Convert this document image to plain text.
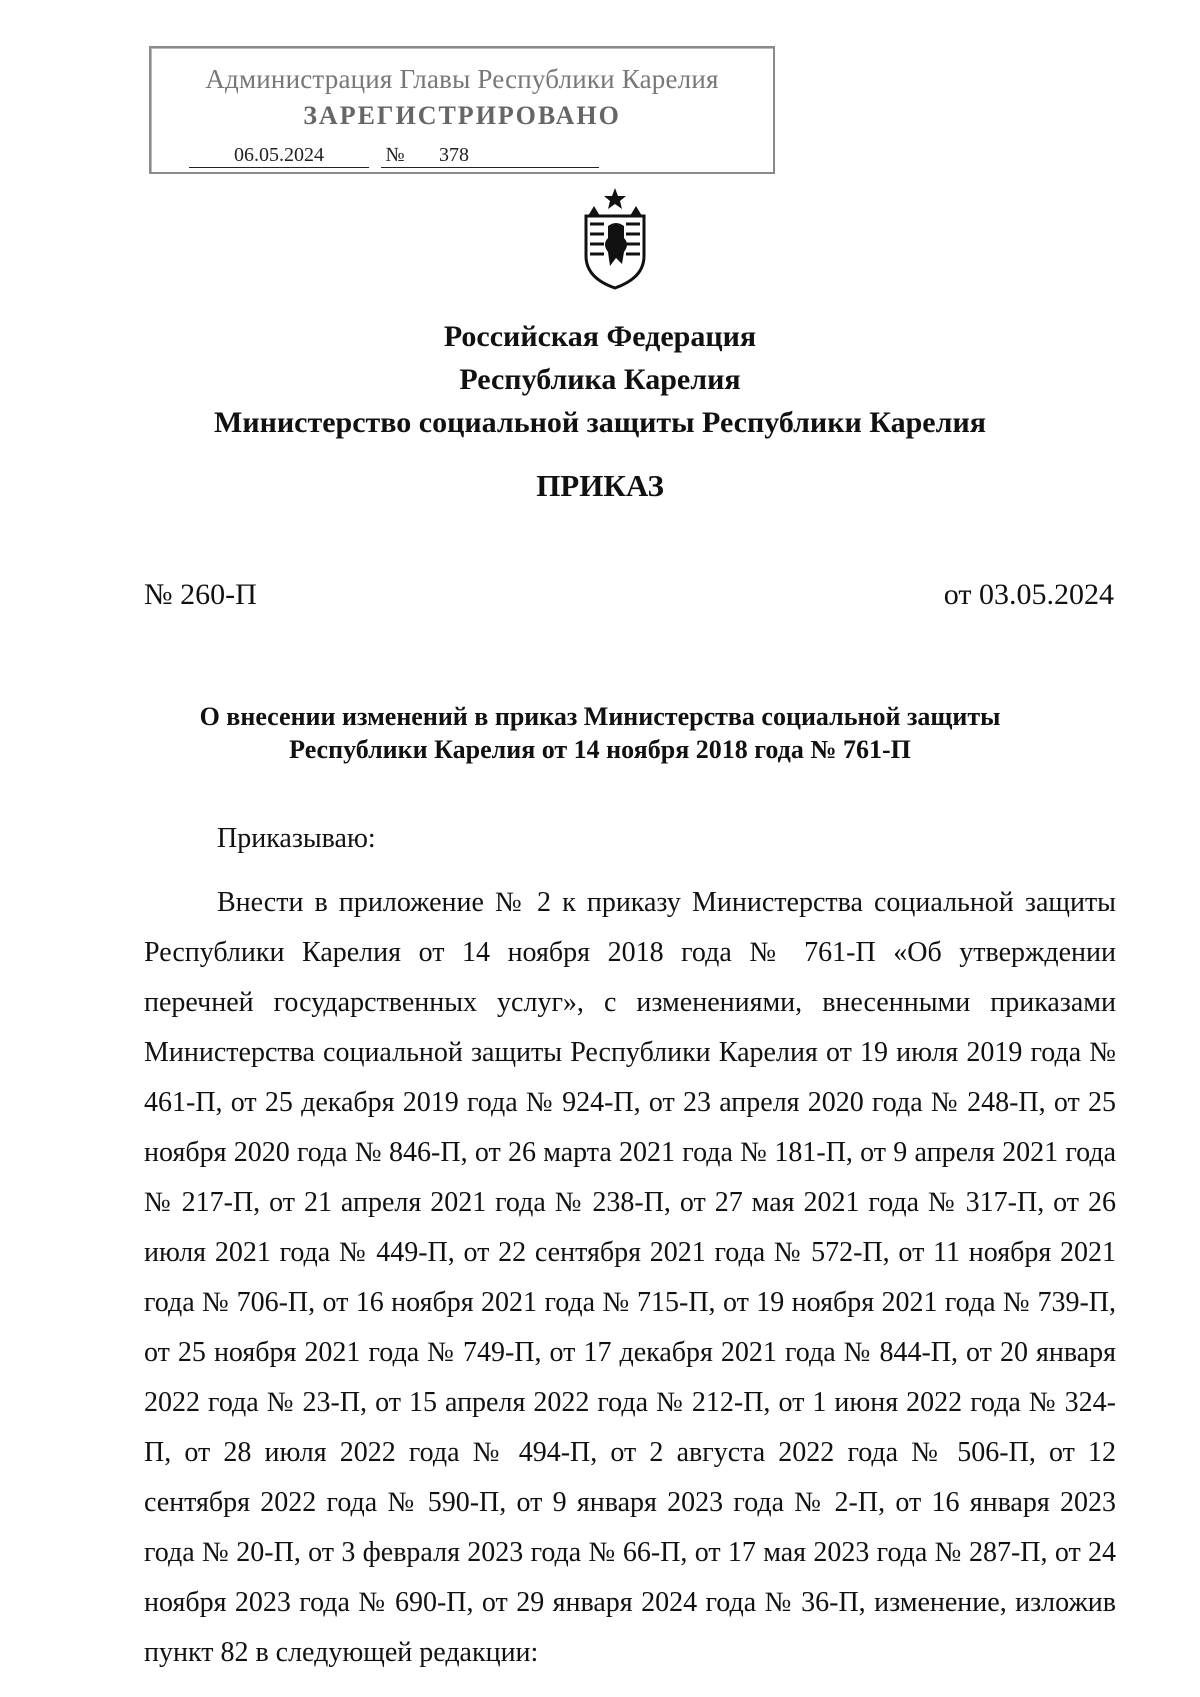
Администрация Главы Республики Карелия
ЗАРЕГИСТРИРОВАНО
06.05.2024	№	378
Российская Федерация
Республика Карелия
Министерство социальной защиты Республики Карелия
ПРИКАЗ
№ 260-П	от 03.05.2024
О внесении изменений в приказ Министерства социальной защиты
Республики Карелия от 14 ноября 2018 года № 761-П
Приказываю:

Внести в приложение № 2 к приказу Министерства социальной защиты Республики Карелия от 14 ноября 2018 года № 761-П «Об утверждении перечней государственных услуг», с изменениями, внесенными приказами Министерства социальной защиты Республики Карелия от 19 июля 2019 года № 461-П, от 25 декабря 2019 года № 924-П, от 23 апреля 2020 года № 248-П, от 25 ноября 2020 года № 846-П, от 26 марта 2021 года № 181-П, от 9 апреля 2021 года № 217-П, от 21 апреля 2021 года № 238-П, от 27 мая 2021 года № 317-П, от 26 июля 2021 года № 449-П, от 22 сентября 2021 года № 572-П, от 11 ноября 2021 года № 706-П, от 16 ноября 2021 года № 715-П, от 19 ноября 2021 года № 739-П, от 25 ноября 2021 года № 749-П, от 17 декабря 2021 года № 844-П, от 20 января 2022 года № 23-П, от 15 апреля 2022 года № 212-П, от 1 июня 2022 года № 324-П, от 28 июля 2022 года № 494-П, от 2 августа 2022 года № 506-П, от 12 сентября 2022 года № 590-П, от 9 января 2023 года № 2-П, от 16 января 2023 года № 20-П, от 3 февраля 2023 года № 66-П, от 17 мая 2023 года № 287-П, от 24 ноября 2023 года № 690-П, от 29 января 2024 года № 36-П, изменение, изложив пункт 82 в следующей редакции:
